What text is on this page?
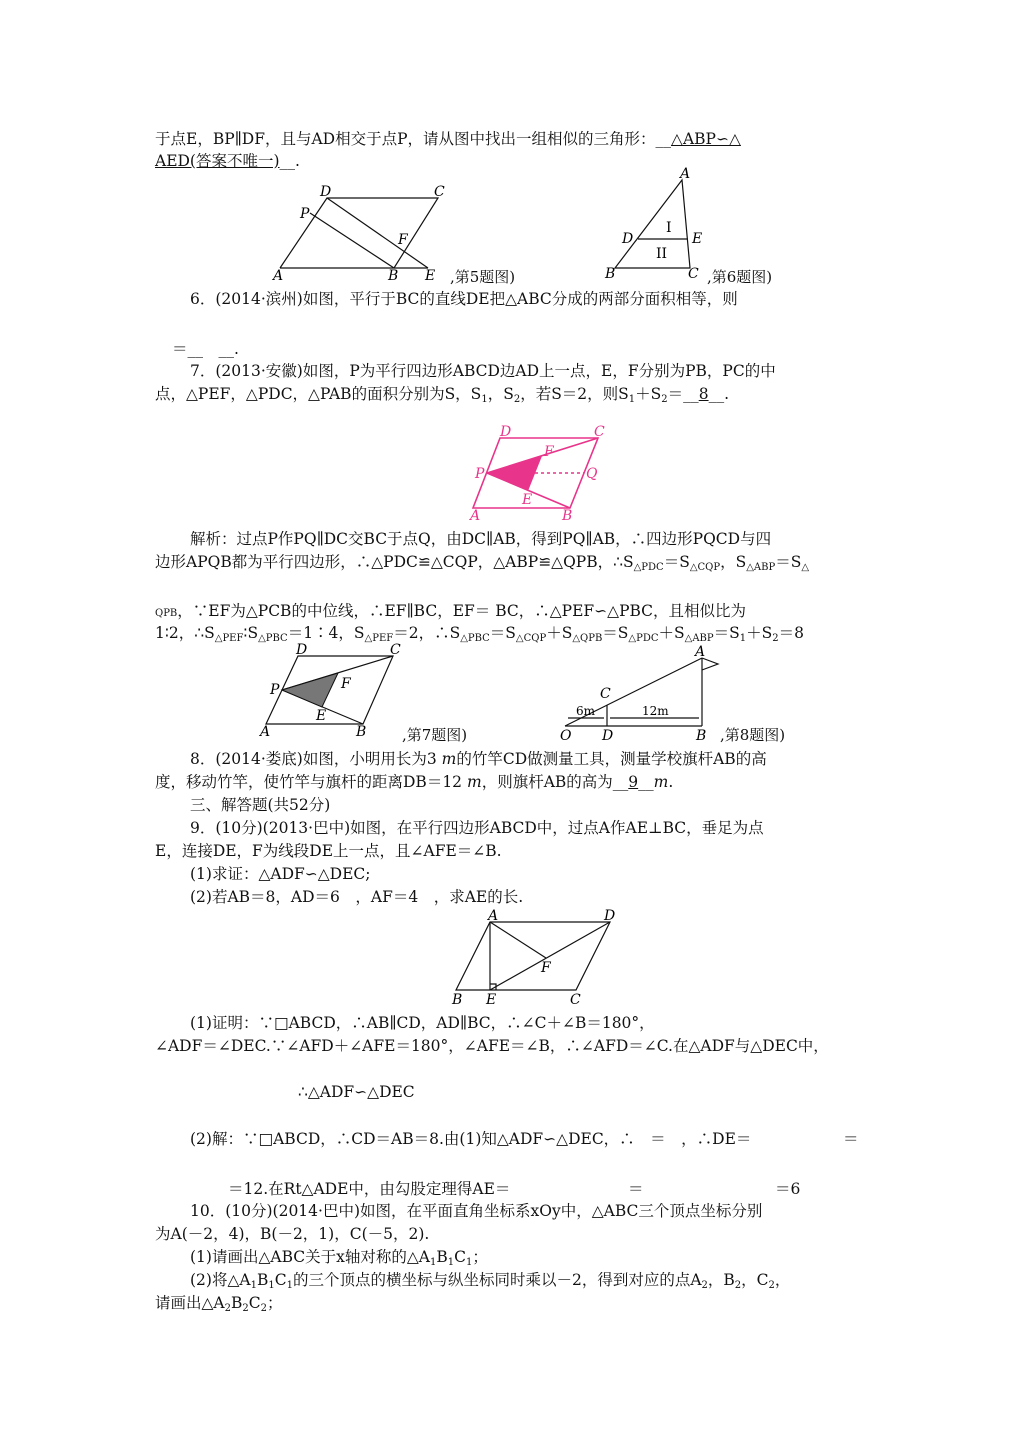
于点E，BP∥DF，且与AD相交于点P，请从图中找出一组相似的三角形：__△ABP∽△
AED(答案不唯一)__.
D	C
P
F
A	B E ,第5题图)
A
D	E
B	C
I
II
,第6题图)
6．(2014·滨州)如图，平行于BC的直线DE把△ABC分成的两部分面积相等，则
＝__　__.
7．(2013·安徽)如图，P为平行四边形ABCD边AD上一点，E，F分别为PB，PC的中
点，△PEF，△PDC，△PAB的面积分别为S，$S_1$，$S_2$，若S＝2，则$S_1+S_2=\_\_8\_\_$.
D	C
P
F
Q
E
A	B
解析：过点P作PQ∥DC交BC于点Q，由DC∥AB，得到PQ∥AB，∴四边形PQCD与四
边形APQB都为平行四边形，∴△PDC≌△CQP，△ABP≌△QPB，$\therefore S_{\triangle PDC}=S_{\triangle CQP}$，$S_{\triangle ABP}=S_\triangle$
QPB，∵EF为△PCB的中位线，∴EF∥BC，EF＝ BC，∴△PEF∽△PBC，且相似比为
1∶2，$\therefore S_{\triangle PEF}∶S_{\triangle PBC}=1∶4$，$S_{\triangle PEF}=2$，$\therefore S_{\triangle PBC}=S_{\triangle CQP}+S_{\triangle QPB}=S_{\triangle PDC}+S_{\triangle ABP}=S_1+S_2=8$
D	C
P	F
E
A	B ,第7题图)
A
C
O D	B
6m	12m
,第8题图)
8．(2014·娄底)如图，小明用长为3 m的竹竿CD做测量工具，测量学校旗杆AB的高
度，移动竹竿，使竹竿与旗杆的距离DB＝12 m，则旗杆AB的高为__9__m.
三、解答题(共52分)
9．(10分)(2013·巴中)如图，在平行四边形ABCD中，过点A作AE⊥BC，垂足为点
E，连接DE，F为线段DE上一点，且∠AFE＝∠B.
(1)求证：△ADF∽△DEC;
(2)若AB＝8，AD＝6　，AF＝4　，求AE的长.
A	D
F
B E	C
(1)证明：∵□ABCD，∴AB∥CD，AD∥BC，∴∠C＋∠B＝180°，
∠ADF＝∠DEC.∵∠AFD＋∠AFE＝180°，∠AFE＝∠B，∴∠AFD＝∠C.在△ADF与△DEC中，
∴△ADF∽△DEC
(2)解：∵□ABCD，∴CD＝AB＝8.由(1)知△ADF∽△DEC，∴　＝　，∴DE＝	＝
＝12.在Rt△ADE中，由勾股定理得AE＝	＝	＝6
10．(10分)(2014·巴中)如图，在平面直角坐标系xOy中，△ABC三个顶点坐标分别
为A(－2，4)，B(－2，1)，C(－5，2).
(1)请画出△ABC关于x轴对称的$\triangle A_1B_1C_1$；
(2)将$\triangle A_1B_1C_1$的三个顶点的横坐标与纵坐标同时乘以－2，得到对应的点$A_2$，$B_2$，$C_2$，
请画出$\triangle A_2B_2C_2$；
